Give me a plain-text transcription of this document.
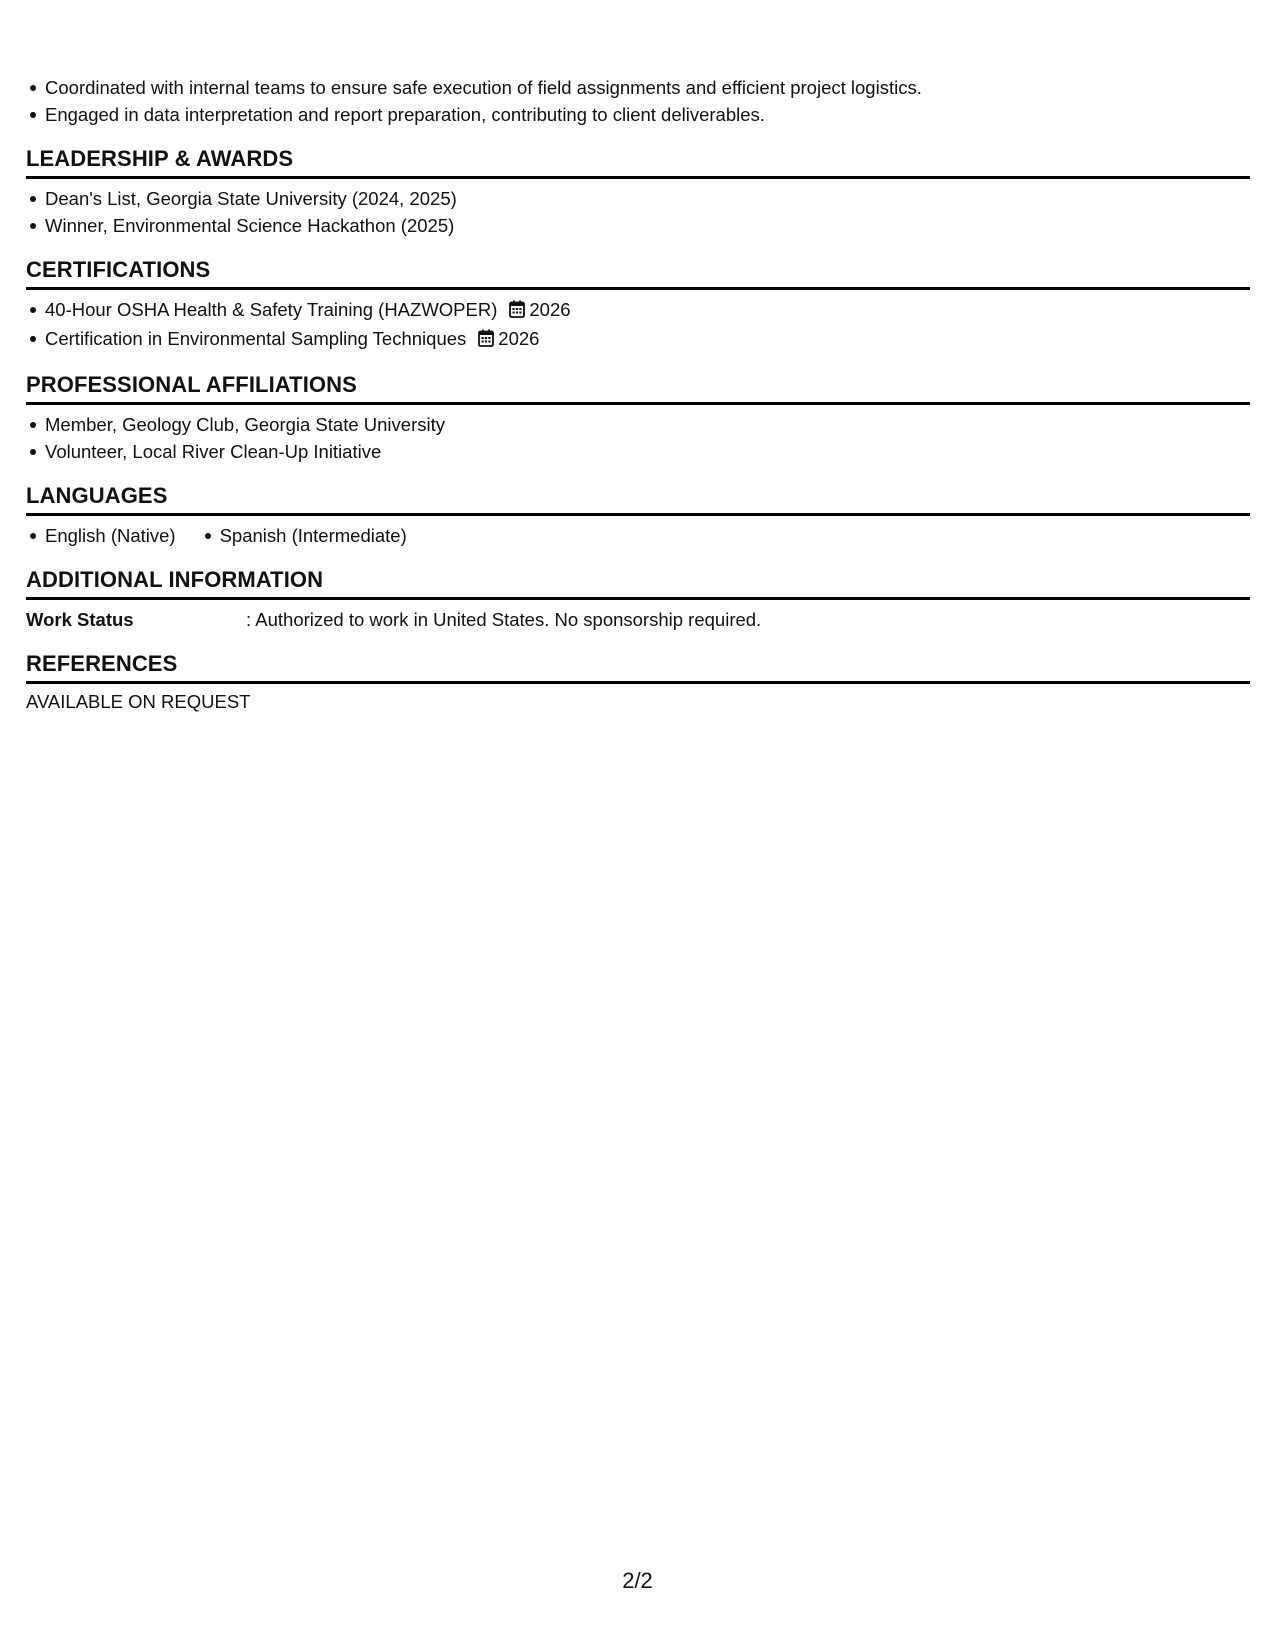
Coordinated with internal teams to ensure safe execution of field assignments and efficient project logistics.
Engaged in data interpretation and report preparation, contributing to client deliverables.
LEADERSHIP & AWARDS
Dean's List, Georgia State University (2024, 2025)
Winner, Environmental Science Hackathon (2025)
CERTIFICATIONS
40-Hour OSHA Health & Safety Training (HAZWOPER) 2026
Certification in Environmental Sampling Techniques 2026
PROFESSIONAL AFFILIATIONS
Member, Geology Club, Georgia State University
Volunteer, Local River Clean-Up Initiative
LANGUAGES
English (Native) Spanish (Intermediate)
ADDITIONAL INFORMATION
Work Status	: Authorized to work in United States. No sponsorship required.
REFERENCES
AVAILABLE ON REQUEST
2/2
